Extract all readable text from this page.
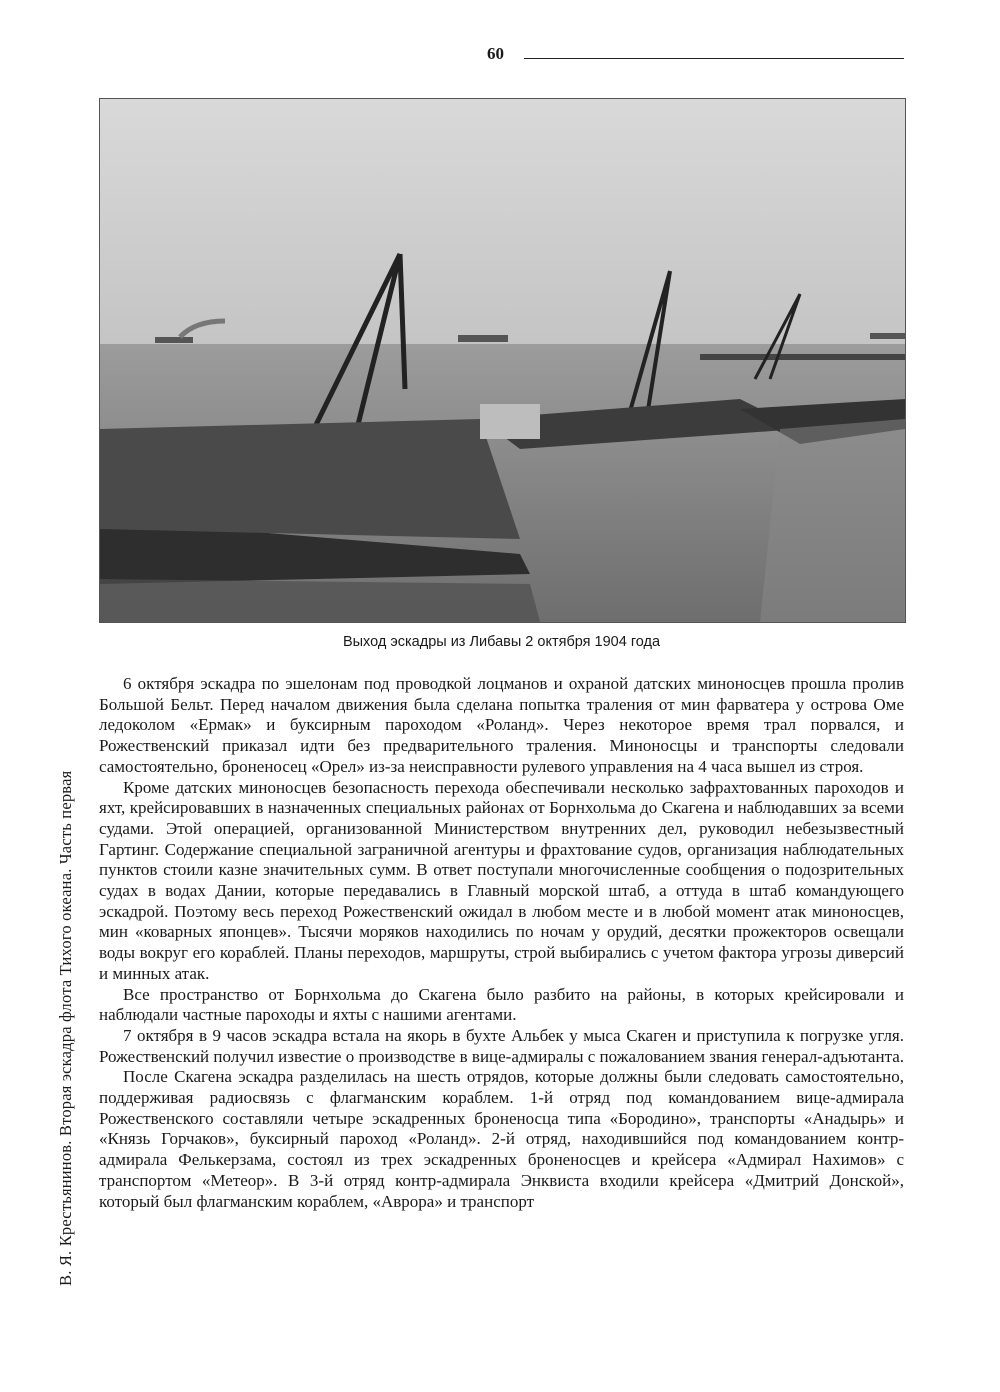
60
Выход эскадры из Либавы 2 октября 1904 года
В. Я. Крестьянинов. Вторая эскадра флота Тихого океана. Часть первая

6 октября эскадра по эшелонам под проводкой лоцманов и охраной датских миноносцев прошла пролив Большой Бельт. Перед началом движения была сделана попытка траления от мин фарватера у острова Оме ледоколом «Ермак» и буксирным пароходом «Роланд». Через некоторое время трал порвался, и Рожественский приказал идти без предварительного траления. Миноносцы и транспорты следовали самостоятельно, броненосец «Орел» из-за неисправности рулевого управления на 4 часа вышел из строя.

Кроме датских миноносцев безопасность перехода обеспечивали несколько зафрахтованных пароходов и яхт, крейсировавших в назначенных специальных районах от Борнхольма до Скагена и наблюдавших за всеми судами. Этой операцией, организованной Министерством внутренних дел, руководил небезызвестный Гартинг. Содержание специальной заграничной агентуры и фрахтование судов, организация наблюдательных пунктов стоили казне значительных сумм. В ответ поступали многочисленные сообщения о подозрительных судах в водах Дании, которые передавались в Главный морской штаб, а оттуда в штаб командующего эскадрой. Поэтому весь переход Рожественский ожидал в любом месте и в любой момент атак миноносцев, мин «коварных японцев». Тысячи моряков находились по ночам у орудий, десятки прожекторов освещали воды вокруг его кораблей. Планы переходов, маршруты, строй выбирались с учетом фактора угрозы диверсий и минных атак.

Все пространство от Борнхольма до Скагена было разбито на районы, в которых крейсировали и наблюдали частные пароходы и яхты с нашими агентами.

7 октября в 9 часов эскадра встала на якорь в бухте Альбек у мыса Скаген и приступила к погрузке угля. Рожественский получил известие о производстве в вице-адмиралы с пожалованием звания генерал-адъютанта.

После Скагена эскадра разделилась на шесть отрядов, которые должны были следовать самостоятельно, поддерживая радиосвязь с флагманским кораблем. 1-й отряд под командованием вице-адмирала Рожественского составляли четыре эскадренных броненосца типа «Бородино», транспорты «Анадырь» и «Князь Горчаков», буксирный пароход «Роланд». 2-й отряд, находившийся под командованием контр-адмирала Фелькерзама, состоял из трех эскадренных броненосцев и крейсера «Адмирал Нахимов» с транспортом «Метеор». В 3-й отряд контр-адмирала Энквиста входили крейсера «Дмитрий Донской», который был флагманским кораблем, «Аврора» и транспорт
